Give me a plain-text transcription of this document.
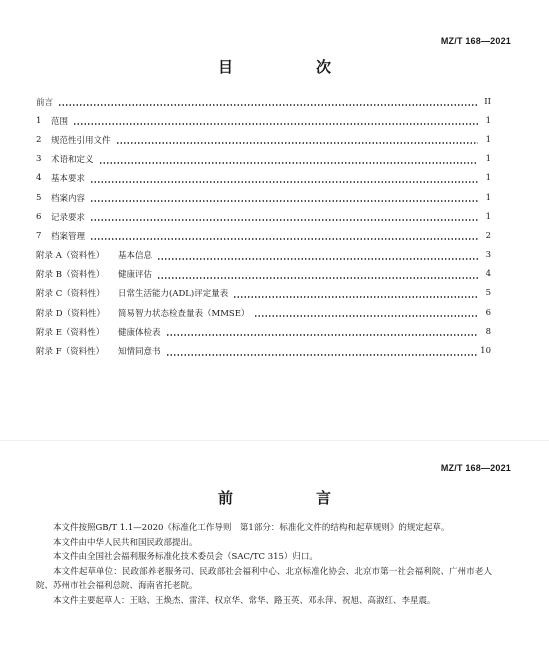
MZ/T 168—2021
目　次
前言	II
1	范围	1
2	规范性引用文件	1
3	术语和定义	1
4	基本要求	1
5	档案内容	1
6	记录要求	1
7	档案管理	2
附录 A（资料性）	基本信息	3
附录 B（资料性）	健康评估	4
附录 C（资料性）	日常生活能力(ADL)评定量表	5
附录 D（资料性）	简易智力状态检查量表（MMSE）	6
附录 E（资料性）	健康体检表	8
附录 F（资料性）	知情同意书	10
MZ/T 168—2021
前　言

本文件按照GB/T 1.1—2020《标准化工作导则　第1部分：标准化文件的结构和起草规则》的规定起草。

本文件由中华人民共和国民政部提出。

本文件由全国社会福利服务标准化技术委员会（SAC/TC 315）归口。

本文件起草单位：民政部养老服务司、民政部社会福利中心、北京标准化协会、北京市第一社会福利院、广州市老人院、苏州市社会福利总院、海南省托老院。

本文件主要起草人：王晗、王焕杰、雷洋、权京华、常华、路玉英、邓永萍、祝旭、高淑红、李星震。
